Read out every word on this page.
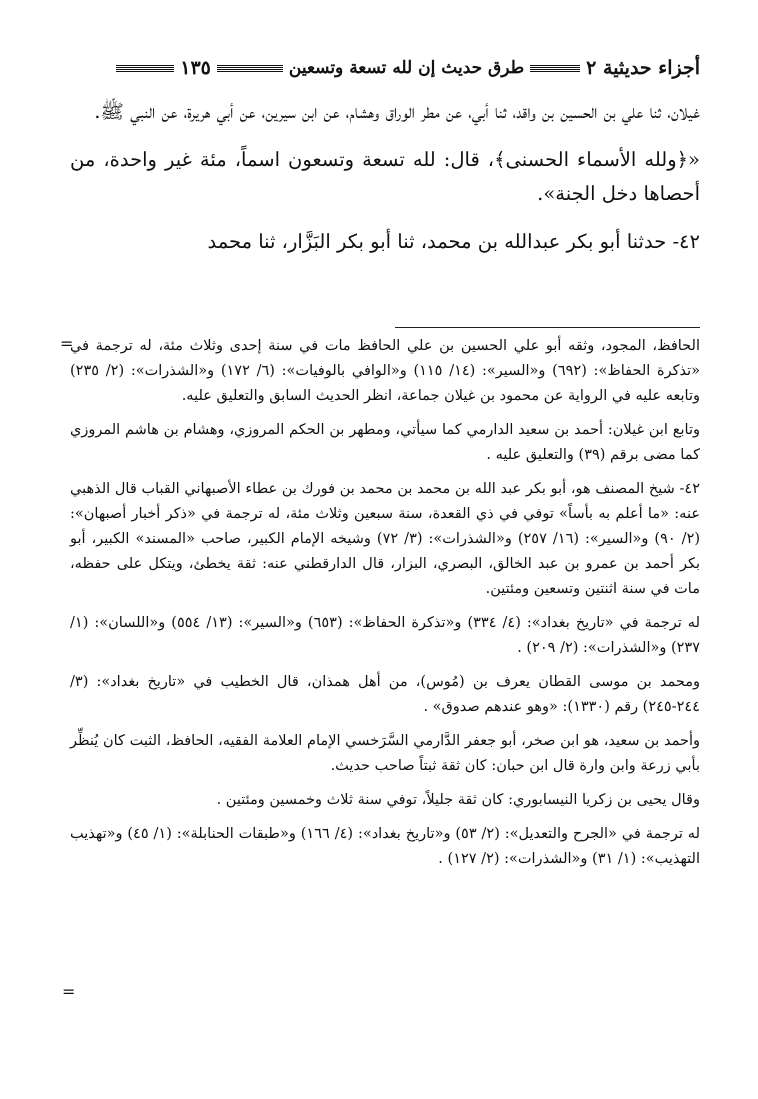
أجزاء حديثية ٢
طرق حديث إن لله تسعة وتسعين
١٣٥

غيلان، ثنا علي بن الحسين بن واقد، ثنا أبي، عن مطر الوراق وهشام، عن ابن سيرين، عن أبي هريرة، عن النبي ﷺ.

«﴿ولله الأسماء الحسنى﴾، قال: لله تسعة وتسعون اسماً، مئة غير واحدة، من أحصاها دخل الجنة».

٤٢- حدثنا أبو بكر عبدالله بن محمد، ثنا أبو بكر البَزَّار، ثنا محمد

=

الحافظ، المجود، وثقه أبو علي الحسين بن علي الحافظ مات في سنة إحدى وثلاث مئة، له ترجمة في «تذكرة الحفاظ»: (٦٩٢) و«السير»: (١٤/ ١١٥) و«الوافي بالوفيات»: (٦/ ١٧٢) و«الشذرات»: (٢/ ٢٣٥) وتابعه عليه في الرواية عن محمود بن غيلان جماعة، انظر الحديث السابق والتعليق عليه.

وتابع ابن غيلان: أحمد بن سعيد الدارمي كما سيأتي، ومطهر بن الحكم المروزي، وهشام بن هاشم المروزي كما مضى برقم (٣٩) والتعليق عليه .

٤٢- شيخ المصنف هو، أبو بكر عبد الله بن محمد بن محمد بن فورك بن عطاء الأصبهاني القباب قال الذهبي عنه: «ما أعلم به بأساً» توفي في ذي القعدة، سنة سبعين وثلاث مئة، له ترجمة في «ذكر أخبار أصبهان»: (٢/ ٩٠) و«السير»: (١٦/ ٢٥٧) و«الشذرات»: (٣/ ٧٢) وشيخه الإمام الكبير، صاحب «المسند» الكبير، أبو بكر أحمد بن عمرو بن عبد الخالق، البصري، البزار، قال الدارقطني عنه: ثقة يخطئ، ويتكل على حفظه، مات في سنة اثنتين وتسعين ومئتين.

له ترجمة في «تاريخ بغداد»: (٤/ ٣٣٤) و«تذكرة الحفاظ»: (٦٥٣) و«السير»: (١٣/ ٥٥٤) و«اللسان»: (١/ ٢٣٧) و«الشذرات»: (٢/ ٢٠٩) .

ومحمد بن موسى القطان يعرف بن (مُوس)، من أهل همذان، قال الخطيب في «تاريخ بغداد»: (٣/ ٢٤٤-٢٤٥) رقم (١٣٣٠): «وهو عندهم صدوق» .

وأحمد بن سعيد، هو ابن صخر، أبو جعفر الدَّارمي السَّرَخسي الإمام العلامة الفقيه، الحافظ، الثبت كان يُنظِّر بأبي زرعة وابن وارة قال ابن حبان: كان ثقة ثبتاً صاحب حديث.

وقال يحيى بن زكريا النيسابوري: كان ثقة جليلاً، توفي سنة ثلاث وخمسين ومئتين .

له ترجمة في «الجرح والتعديل»: (٢/ ٥٣) و«تاريخ بغداد»: (٤/ ١٦٦) و«طبقات الحنابلة»: (١/ ٤٥) و«تهذيب التهذيب»: (١/ ٣١) و«الشذرات»: (٢/ ١٢٧) .

=
